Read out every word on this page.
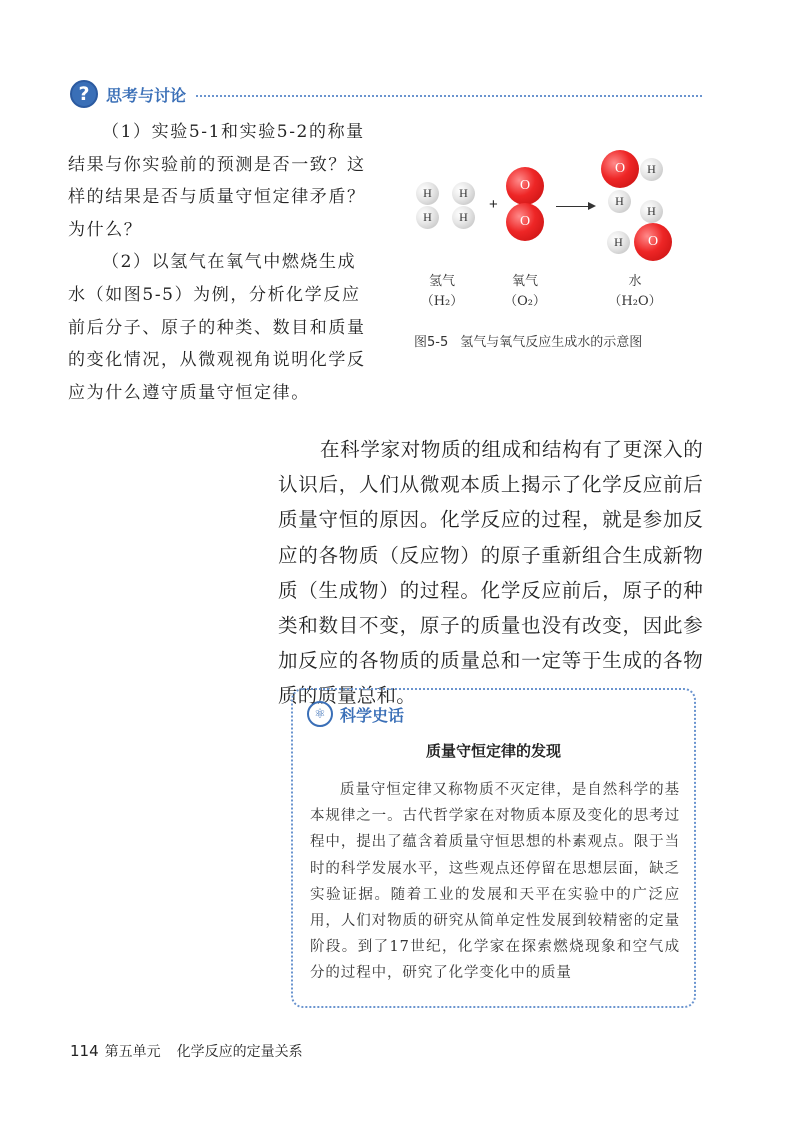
?	思考与讨论

（1）实验5-1和实验5-2的称量结果与你实验前的预测是否一致？这样的结果是否与质量守恒定律矛盾？为什么？

（2）以氢气在氧气中燃烧生成水（如图5-5）为例，分析化学反应前后分子、原子的种类、数目和质量的变化情况，从微观视角说明化学反应为什么遵守质量守恒定律。

H
H
H
H
+
O
O
O	H
H
H
H	O
氢气
（H₂）
氧气
（O₂）
水
（H₂O）
图5-5 氢气与氧气反应生成水的示意图

在科学家对物质的组成和结构有了更深入的认识后，人们从微观本质上揭示了化学反应前后质量守恒的原因。化学反应的过程，就是参加反应的各物质（反应物）的原子重新组合生成新物质（生成物）的过程。化学反应前后，原子的种类和数目不变，原子的质量也没有改变，因此参加反应的各物质的质量总和一定等于生成的各物质的质量总和。

⚛ 科学史话
质量守恒定律的发现

质量守恒定律又称物质不灭定律，是自然科学的基本规律之一。古代哲学家在对物质本原及变化的思考过程中，提出了蕴含着质量守恒思想的朴素观点。限于当时的科学发展水平，这些观点还停留在思想层面，缺乏实验证据。随着工业的发展和天平在实验中的广泛应用，人们对物质的研究从简单定性发展到较精密的定量阶段。到了17世纪，化学家在探索燃烧现象和空气成分的过程中，研究了化学变化中的质量

114 第五单元 化学反应的定量关系
